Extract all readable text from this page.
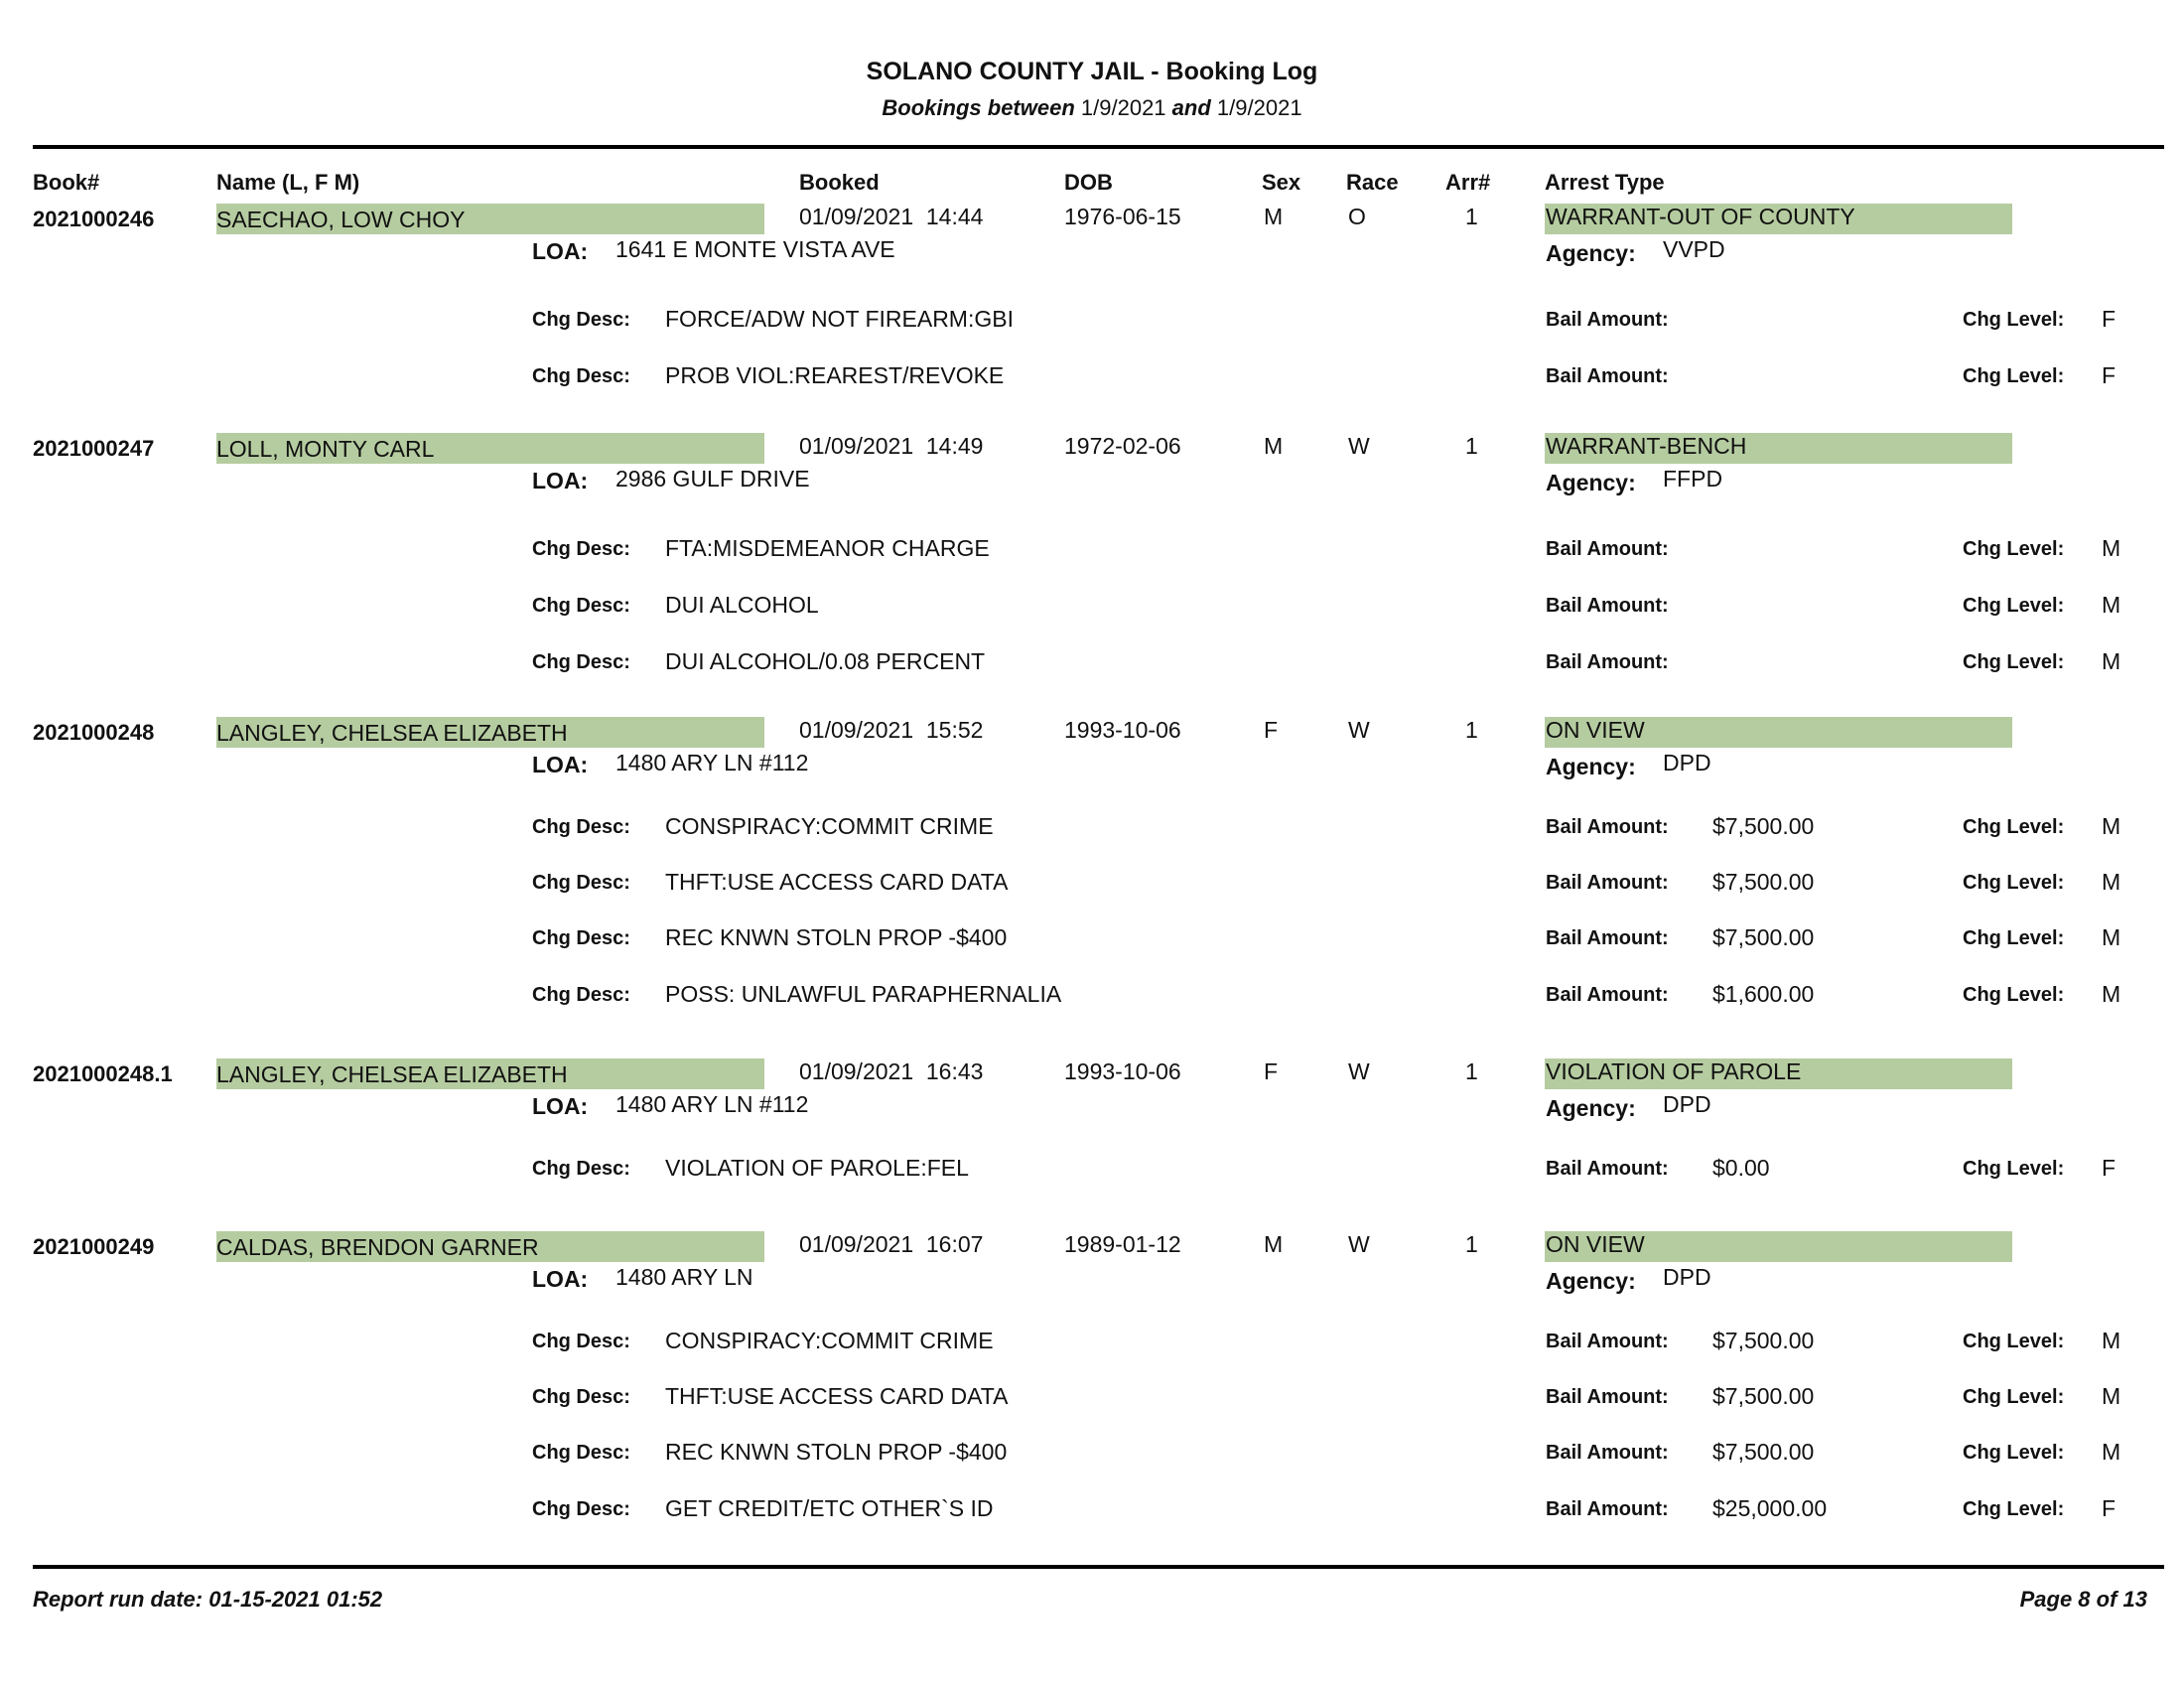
SOLANO COUNTY JAIL - Booking Log
Bookings between 1/9/2021 and 1/9/2021
Book#	Name (L, F M)	Booked	DOB	Sex Race Arr# Arrest Type
2021000246	SAECHAO, LOW CHOY	01/09/2021  14:44	1976-06-15	M	O	1	WARRANT-OUT OF COUNTY
LOA: 1641 E MONTE VISTA AVE	Agency: VVPD
Chg Desc: FORCE/ADW NOT FIREARM:GBI	Bail Amount:	Chg Level: F
Chg Desc: PROB VIOL:REAREST/REVOKE	Bail Amount:	Chg Level: F
2021000247	LOLL, MONTY CARL	01/09/2021  14:49	1972-02-06	M	W	1	WARRANT-BENCH
LOA: 2986 GULF DRIVE	Agency: FFPD
Chg Desc: FTA:MISDEMEANOR CHARGE	Bail Amount:	Chg Level: M
Chg Desc: DUI ALCOHOL	Bail Amount:	Chg Level: M
Chg Desc: DUI ALCOHOL/0.08 PERCENT	Bail Amount:	Chg Level: M
2021000248	LANGLEY, CHELSEA ELIZABETH	01/09/2021  15:52	1993-10-06	F	W	1	ON VIEW
LOA: 1480 ARY LN #112	Agency: DPD
Chg Desc: CONSPIRACY:COMMIT CRIME	Bail Amount: $7,500.00	Chg Level: M
Chg Desc: THFT:USE ACCESS CARD DATA	Bail Amount: $7,500.00	Chg Level: M
Chg Desc: REC KNWN STOLN PROP -$400	Bail Amount: $7,500.00	Chg Level: M
Chg Desc: POSS: UNLAWFUL PARAPHERNALIA	Bail Amount: $1,600.00	Chg Level: M
2021000248.1 LANGLEY, CHELSEA ELIZABETH	01/09/2021  16:43	1993-10-06	F	W	1	VIOLATION OF PAROLE
LOA: 1480 ARY LN #112	Agency: DPD
Chg Desc: VIOLATION OF PAROLE:FEL	Bail Amount: $0.00	Chg Level: F
2021000249	CALDAS, BRENDON GARNER	01/09/2021  16:07	1989-01-12	M	W	1	ON VIEW
LOA: 1480 ARY LN	Agency: DPD
Chg Desc: CONSPIRACY:COMMIT CRIME	Bail Amount: $7,500.00	Chg Level: M
Chg Desc: THFT:USE ACCESS CARD DATA	Bail Amount: $7,500.00	Chg Level: M
Chg Desc: REC KNWN STOLN PROP -$400	Bail Amount: $7,500.00	Chg Level: M
Chg Desc: GET CREDIT/ETC OTHER`S ID	Bail Amount: $25,000.00	Chg Level: F
Report run date: 01-15-2021 01:52	Page 8 of 13
